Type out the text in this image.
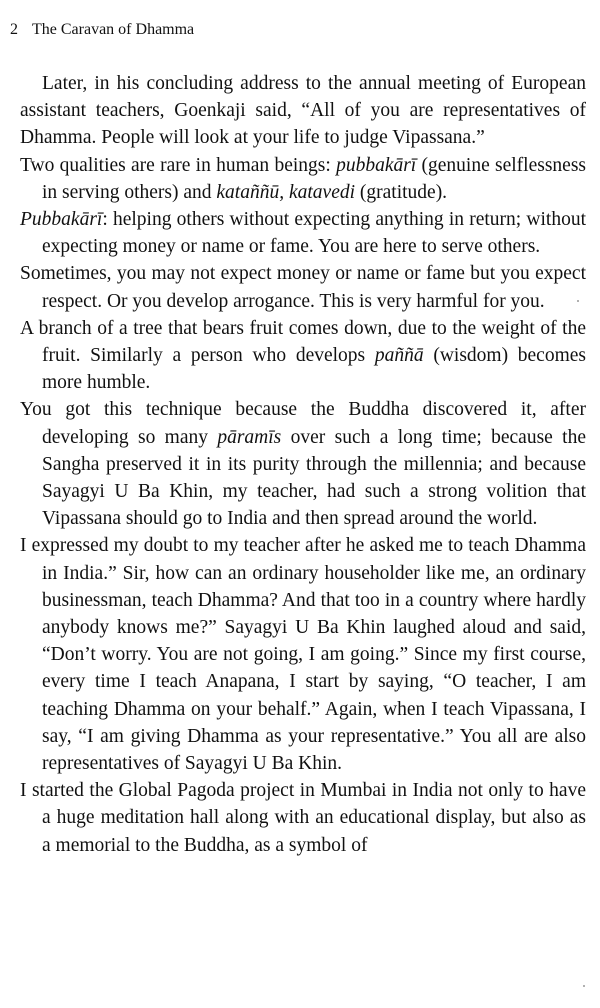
2 The Caravan of Dhamma

Later, in his concluding address to the annual meeting of European assistant teachers, Goenkaji said, “All of you are representatives of Dhamma. People will look at your life to judge Vipassana.”

Two qualities are rare in human beings: pubbakārī (genuine selflessness in serving others) and kataññū, katavedi (gratitude).

Pubbakārī: helping others without expecting anything in return; without expecting money or name or fame. You are here to serve others.

Sometimes, you may not expect money or name or fame but you expect respect. Or you develop arrogance. This is very harmful for you.

A branch of a tree that bears fruit comes down, due to the weight of the fruit. Similarly a person who develops paññā (wisdom) becomes more humble.

You got this technique because the Buddha discovered it, after developing so many pāramīs over such a long time; because the Sangha preserved it in its purity through the millennia; and because Sayagyi U Ba Khin, my teacher, had such a strong volition that Vipassana should go to India and then spread around the world.

I expressed my doubt to my teacher after he asked me to teach Dhamma in India.” Sir, how can an ordinary householder like me, an ordinary businessman, teach Dhamma? And that too in a country where hardly anybody knows me?” Sayagyi U Ba Khin laughed aloud and said, “Don’t worry. You are not going, I am going.” Since my first course, every time I teach Anapana, I start by saying, “O teacher, I am teaching Dhamma on your behalf.” Again, when I teach Vipassana, I say, “I am giving Dhamma as your representative.” You all are also representatives of Sayagyi U Ba Khin.

I started the Global Pagoda project in Mumbai in India not only to have a huge meditation hall along with an educational display, but also as a memorial to the Buddha, as a symbol of
